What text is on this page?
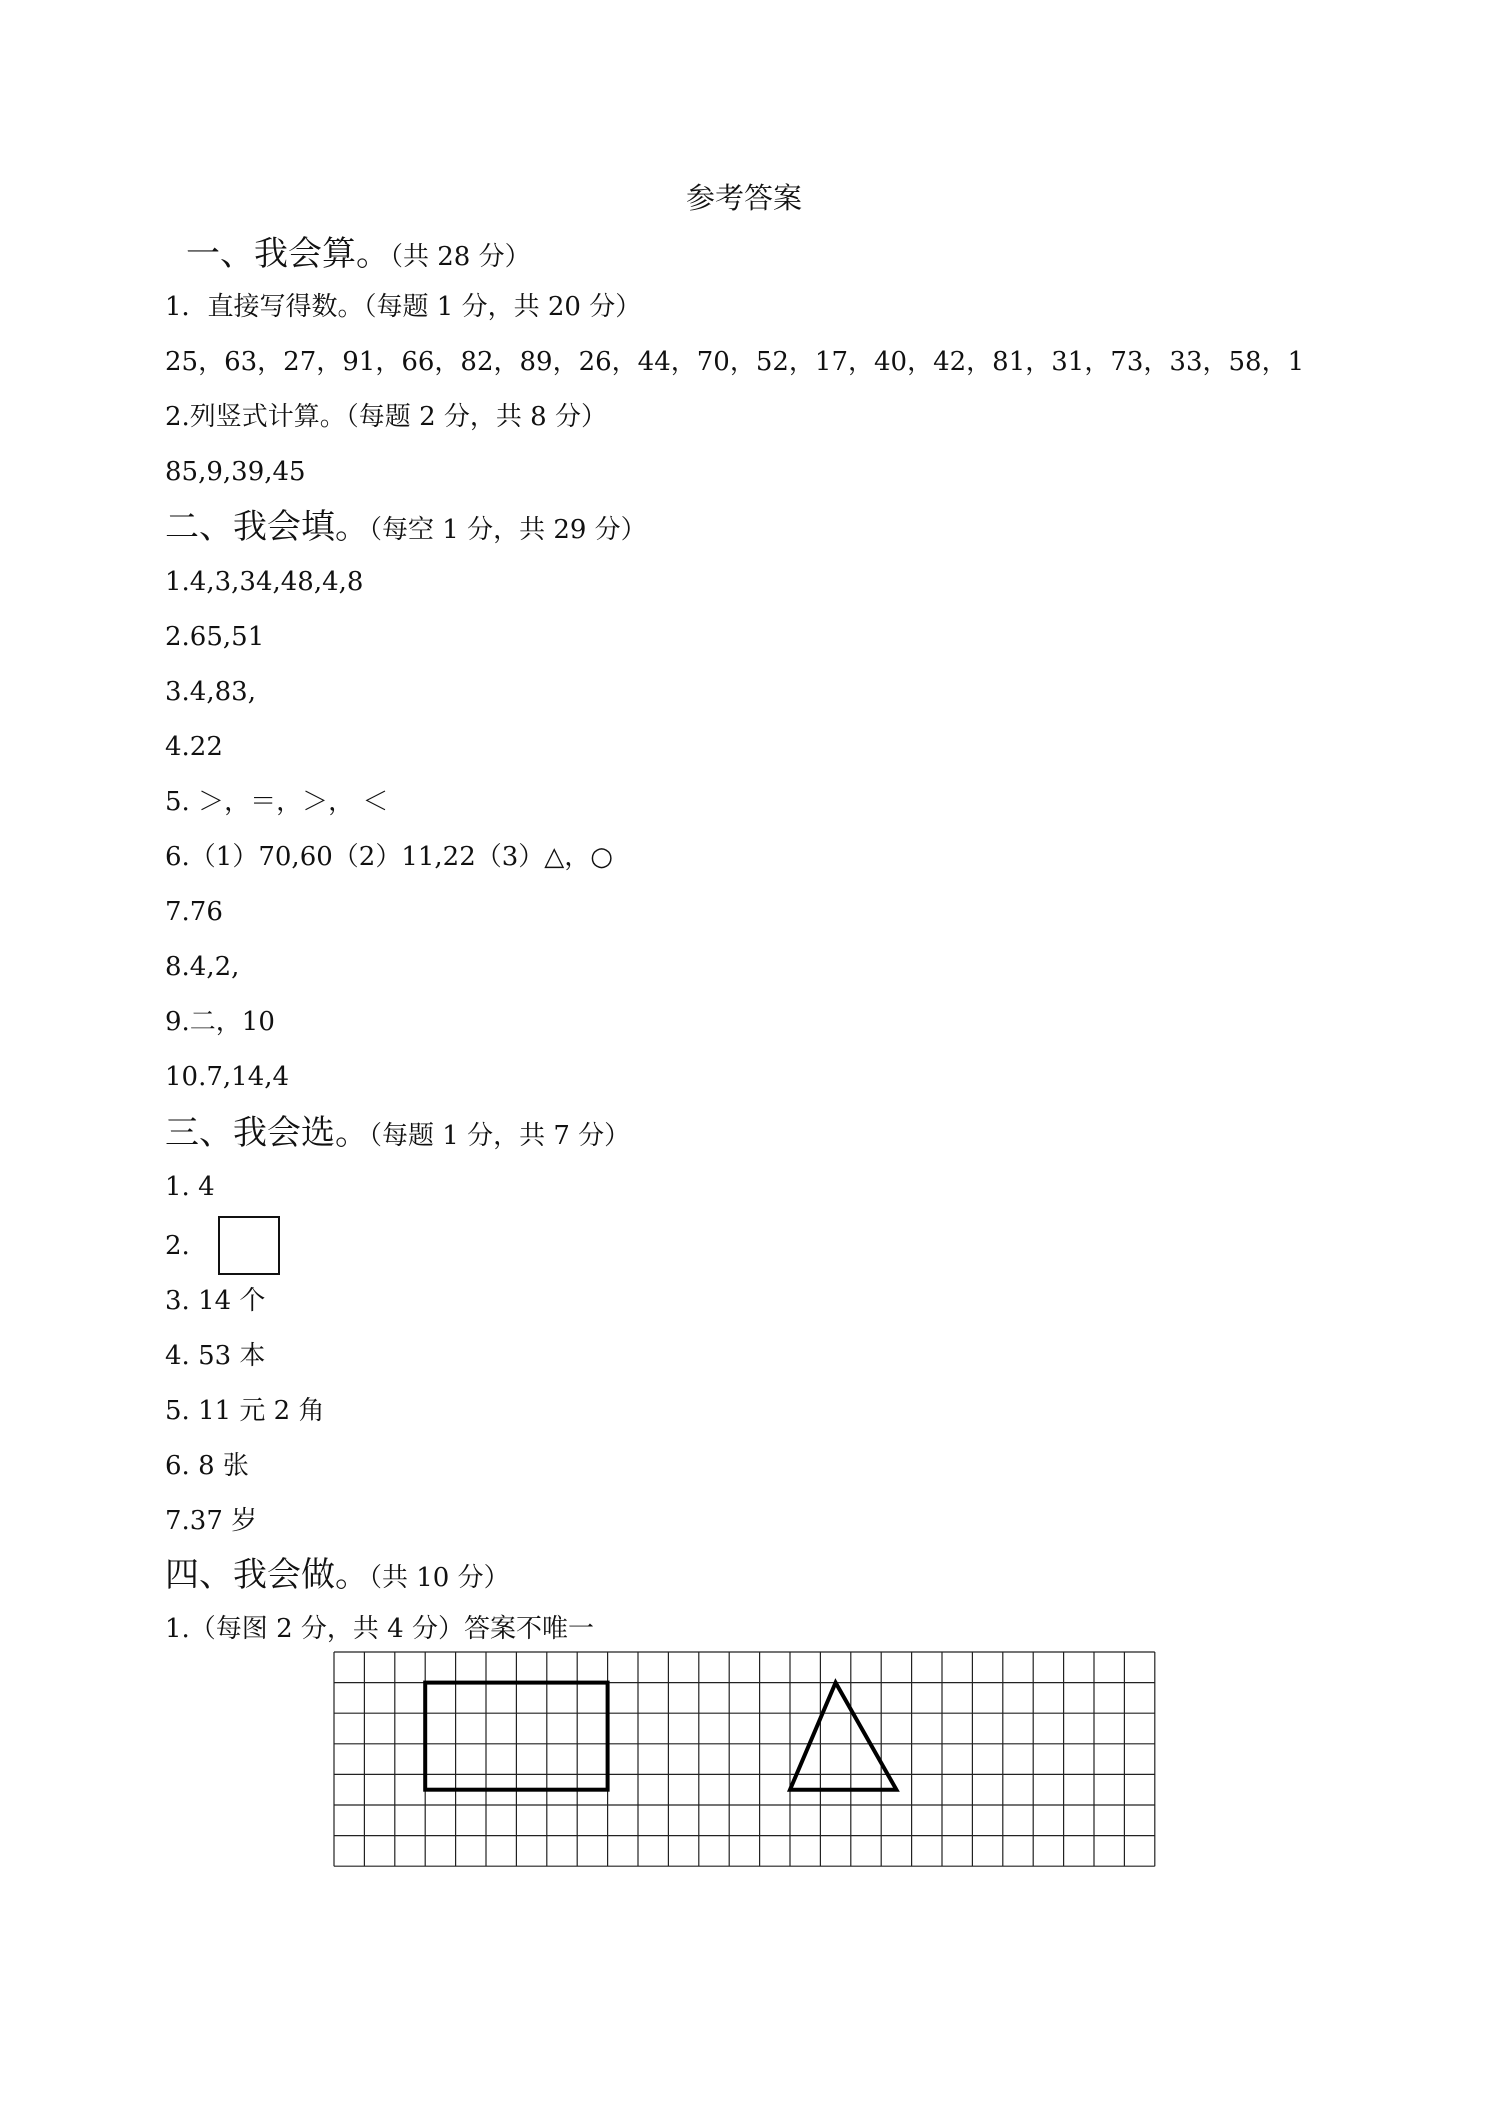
参考答案
一、我会算。（共 28 分）
1．直接写得数。（每题 1 分，共 20 分）
25，63，27，91，66，82，89，26，44，70，52，17，40，42，81，31，73，33，58，1
2.列竖式计算。（每题 2 分，共 8 分）
85,9,39,45
二、我会填。（每空 1 分，共 29 分）
1.4,3,34,48,4,8
2.65,51
3.4,83,
4.22
5. ＞，＝，＞， ＜
6.（1）70,60（2）11,22（3）△，○
7.76
8.4,2,
9.二，10
10.7,14,4
三、我会选。（每题 1 分，共 7 分）
1. 4
2.
3. 14 个
4. 53 本
5. 11 元 2 角
6. 8 张
7.37 岁
四、我会做。（共 10 分）
1.（每图 2 分，共 4 分）答案不唯一
